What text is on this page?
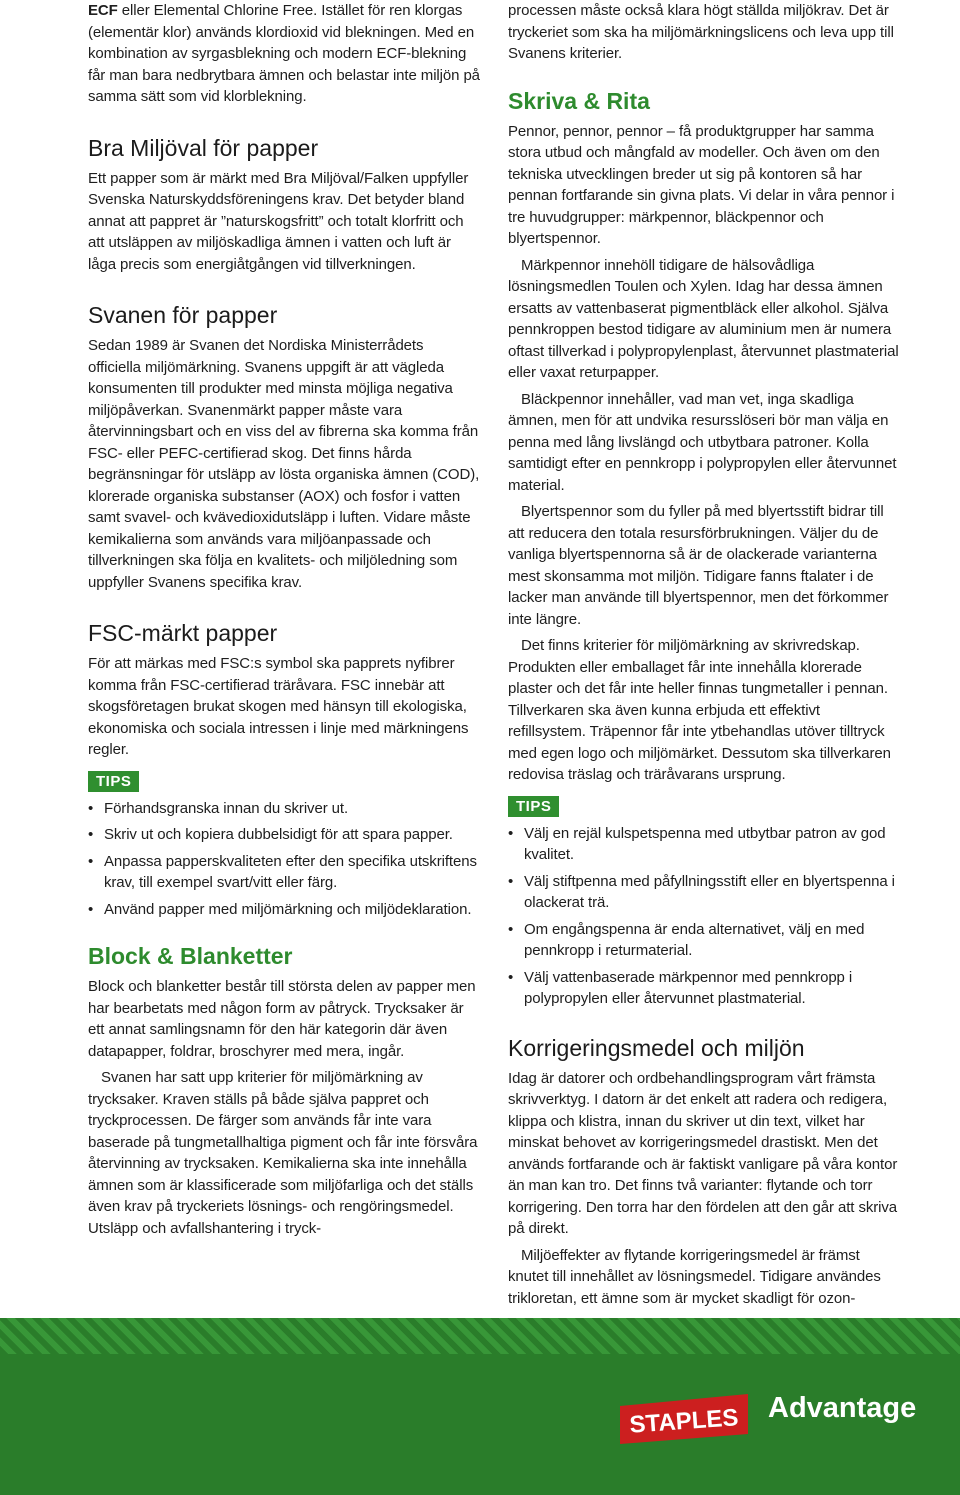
ECF eller Elemental Chlorine Free. Istället för ren klorgas (elementär klor) används klordioxid vid blekningen. Med en kombination av syrgasblekning och modern ECF-blekning får man bara nedbrytbara ämnen och belastar inte miljön på samma sätt som vid klorblekning.

Bra Miljöval för papper

Ett papper som är märkt med Bra Miljöval/Falken uppfyller Svenska Naturskyddsföreningens krav. Det betyder bland annat att pappret är ”naturskogsfritt” och totalt klorfritt och att utsläppen av miljöskadliga ämnen i vatten och luft är låga precis som energiåtgången vid tillverkningen.

Svanen för papper

Sedan 1989 är Svanen det Nordiska Ministerrådets officiella miljömärkning. Svanens uppgift är att vägleda konsumenten till produkter med minsta möjliga negativa miljöpåverkan. Svanenmärkt papper måste vara återvinningsbart och en viss del av fibrerna ska komma från FSC- eller PEFC-certifierad skog. Det finns hårda begränsningar för utsläpp av lösta organiska ämnen (COD), klorerade organiska substanser (AOX) och fosfor i vatten samt svavel- och kvävedioxidutsläpp i luften. Vidare måste kemikalierna som används vara miljöanpassade och tillverkningen ska följa en kvalitets- och miljöledning som uppfyller Svanens specifika krav.

FSC-märkt papper

För att märkas med FSC:s symbol ska papprets nyfibrer komma från FSC-certifierad träråvara. FSC innebär att skogsföretagen brukat skogen med hänsyn till ekologiska, ekonomiska och sociala intressen i linje med märkningens regler.

TIPS
• Förhandsgranska innan du skriver ut.
• Skriv ut och kopiera dubbelsidigt för att spara papper.
• Anpassa papperskvaliteten efter den specifika utskriftens krav, till exempel svart/vitt eller färg.
• Använd papper med miljömärkning och miljödeklaration.
Block & Blanketter

Block och blanketter består till största delen av papper men har bearbetats med någon form av påtryck. Trycksaker är ett annat samlingsnamn för den här kategorin där även datapapper, foldrar, broschyrer med mera, ingår.

Svanen har satt upp kriterier för miljömärkning av trycksaker. Kraven ställs på både själva pappret och tryckprocessen. De färger som används får inte vara baserade på tungmetallhaltiga pigment och får inte försvåra återvinning av trycksaken. Kemikalierna ska inte innehålla ämnen som är klassificerade som miljöfarliga och det ställs även krav på tryckeriets lösnings- och rengöringsmedel. Utsläpp och avfallshantering i tryck-

processen måste också klara högt ställda miljökrav. Det är tryckeriet som ska ha miljömärkningslicens och leva upp till Svanens kriterier.

Skriva & Rita

Pennor, pennor, pennor – få produktgrupper har samma stora utbud och mångfald av modeller. Och även om den tekniska utvecklingen breder ut sig på kontoren så har pennan fortfarande sin givna plats. Vi delar in våra pennor i tre huvudgrupper: märkpennor, bläckpennor och blyertspennor.

Märkpennor innehöll tidigare de hälsovådliga lösningsmedlen Toulen och Xylen. Idag har dessa ämnen ersatts av vattenbaserat pigmentbläck eller alkohol. Själva pennkroppen bestod tidigare av aluminium men är numera oftast tillverkad i polypropylenplast, återvunnet plastmaterial eller vaxat returpapper.

Bläckpennor innehåller, vad man vet, inga skadliga ämnen, men för att undvika resursslöseri bör man välja en penna med lång livslängd och utbytbara patroner. Kolla samtidigt efter en pennkropp i polypropylen eller återvunnet material.

Blyertspennor som du fyller på med blyertsstift bidrar till att reducera den totala resursförbrukningen. Väljer du de vanliga blyertspennorna så är de olackerade varianterna mest skonsamma mot miljön. Tidigare fanns ftalater i de lacker man använde till blyertspennor, men det förkommer inte längre.

Det finns kriterier för miljömärkning av skrivredskap. Produkten eller emballaget får inte innehålla klorerade plaster och det får inte heller finnas tungmetaller i pennan. Tillverkaren ska även kunna erbjuda ett effektivt refillsystem. Träpennor får inte ytbehandlas utöver tilltryck med egen logo och miljömärket. Dessutom ska tillverkaren redovisa träslag och träråvarans ursprung.

TIPS
• Välj en rejäl kulspetspenna med utbytbar patron av god kvalitet.
• Välj stiftpenna med påfyllningsstift eller en blyertspenna i olackerat trä.
• Om engångspenna är enda alternativet, välj en med pennkropp i returmaterial.
• Välj vattenbaserade märkpennor med pennkropp i polypropylen eller återvunnet plastmaterial.
Korrigeringsmedel och miljön

Idag är datorer och ordbehandlingsprogram vårt främsta skrivverktyg. I datorn är det enkelt att radera och redigera, klippa och klistra, innan du skriver ut din text, vilket har minskat behovet av korrigeringsmedel drastiskt. Men det används fortfarande och är faktiskt vanligare på våra kontor än man kan tro. Det finns två varianter: flytande och torr korrigering. Den torra har den fördelen att den går att skriva på direkt.

Miljöeffekter av flytande korrigeringsmedel är främst knutet till innehållet av lösningsmedel. Tidigare användes trikloretan, ett ämne som är mycket skadligt för ozon-

STAPLES Advantage
